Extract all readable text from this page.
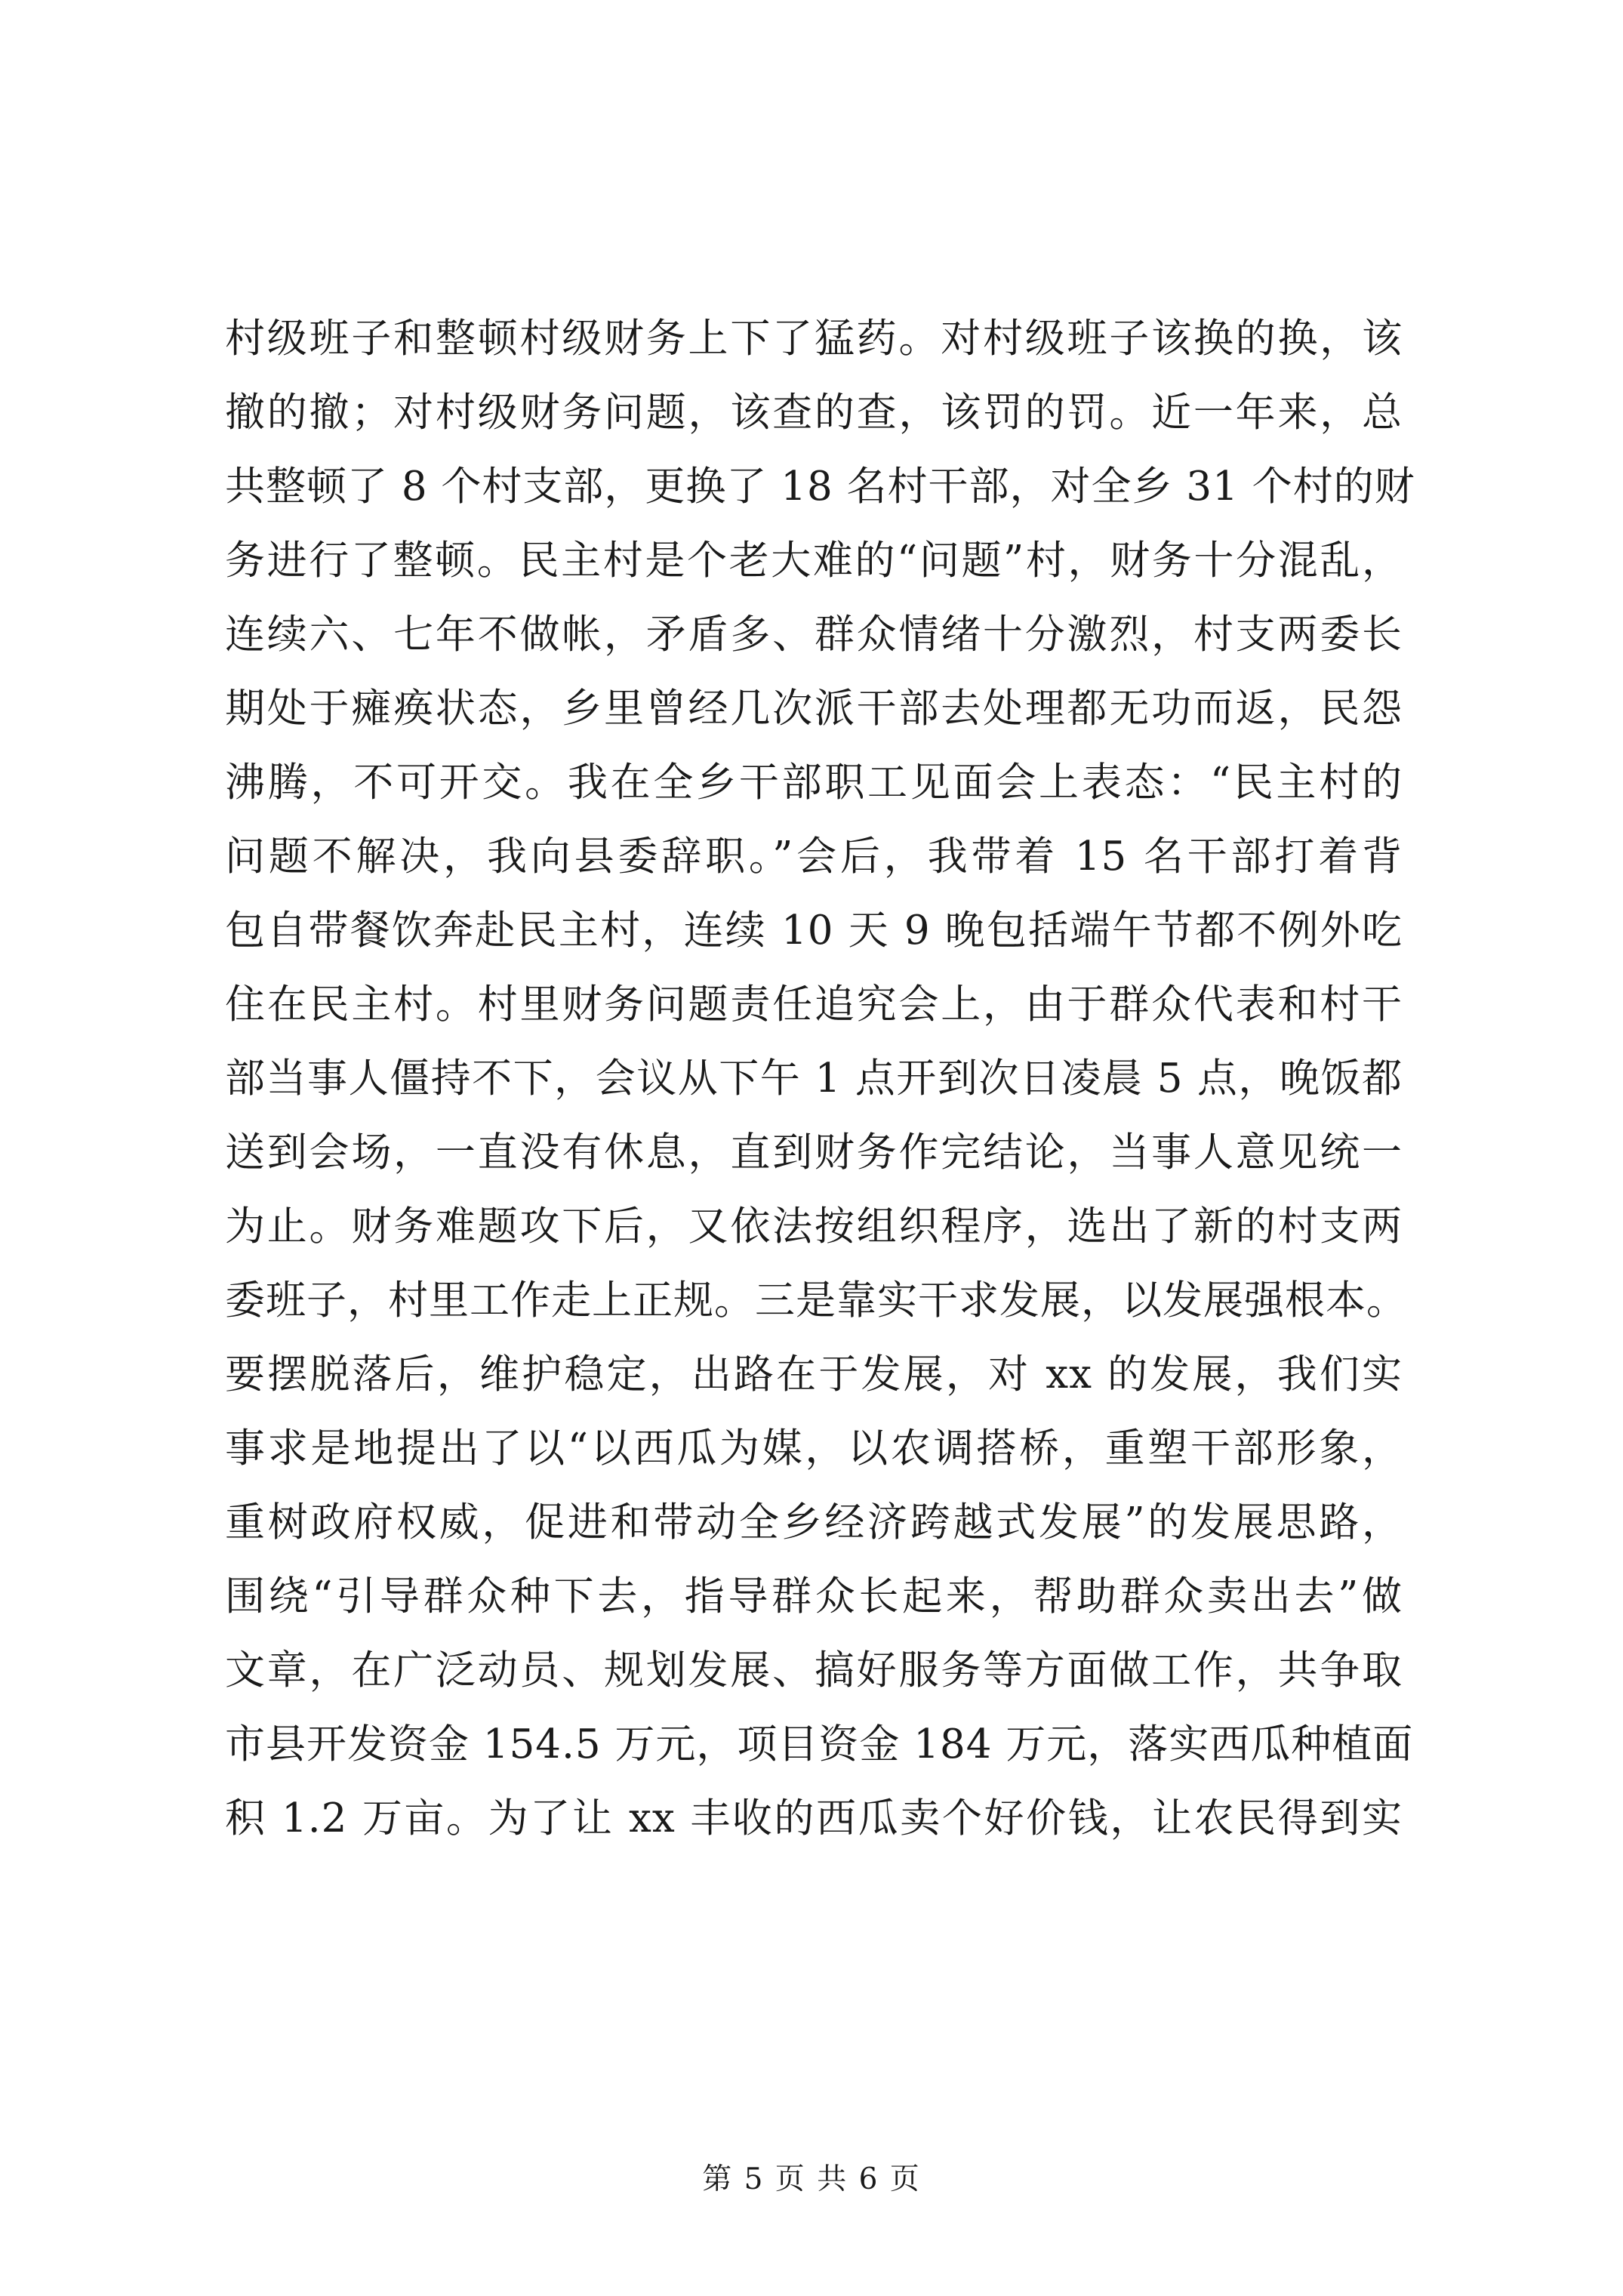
村级班子和整顿村级财务上下了猛药。对村级班子该换的换，该
撤的撤；对村级财务问题，该查的查，该罚的罚。近一年来，总
共整顿了 8 个村支部，更换了 18 名村干部，对全乡 31 个村的财
务进行了整顿。民主村是个老大难的“问题”村，财务十分混乱，
连续六、七年不做帐，矛盾多、群众情绪十分激烈，村支两委长
期处于瘫痪状态，乡里曾经几次派干部去处理都无功而返，民怨
沸腾，不可开交。我在全乡干部职工见面会上表态：“民主村的
问题不解决，我向县委辞职。”会后，我带着 15 名干部打着背
包自带餐饮奔赴民主村，连续 10 天 9 晚包括端午节都不例外吃
住在民主村。村里财务问题责任追究会上，由于群众代表和村干
部当事人僵持不下，会议从下午 1 点开到次日凌晨 5 点，晚饭都
送到会场，一直没有休息，直到财务作完结论，当事人意见统一
为止。财务难题攻下后，又依法按组织程序，选出了新的村支两
委班子，村里工作走上正规。三是靠实干求发展，以发展强根本。
要摆脱落后，维护稳定，出路在于发展，对 xx 的发展，我们实
事求是地提出了以“以西瓜为媒，以农调搭桥，重塑干部形象，
重树政府权威，促进和带动全乡经济跨越式发展”的发展思路，
围绕“引导群众种下去，指导群众长起来，帮助群众卖出去”做
文章，在广泛动员、规划发展、搞好服务等方面做工作，共争取
市县开发资金 154.5 万元，项目资金 184 万元，落实西瓜种植面
积 1.2 万亩。为了让 xx 丰收的西瓜卖个好价钱，让农民得到实
第 5 页 共 6 页
